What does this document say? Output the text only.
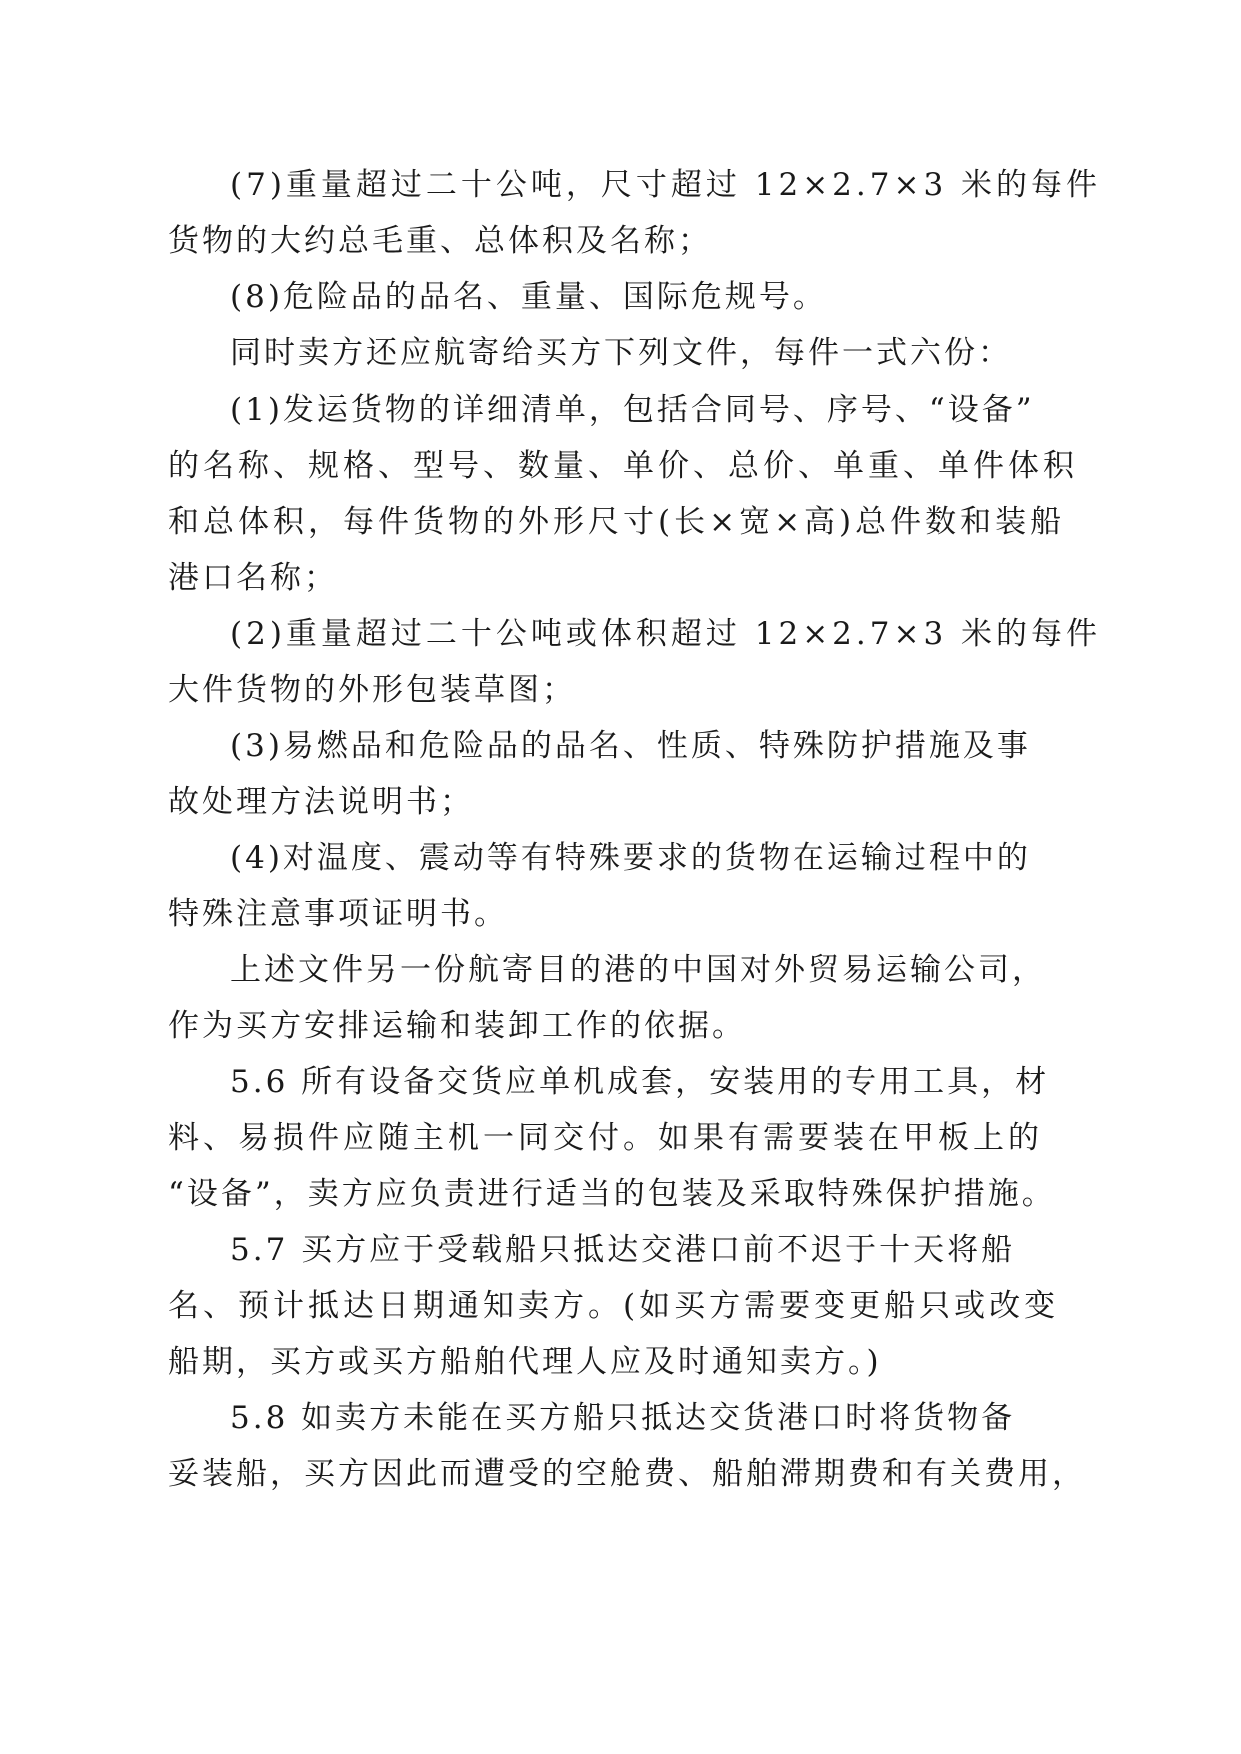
(7)重量超过二十公吨，尺寸超过 12×2.7×3 米的每件
货物的大约总毛重、总体积及名称；
(8)危险品的品名、重量、国际危规号。
同时卖方还应航寄给买方下列文件，每件一式六份：
(1)发运货物的详细清单，包括合同号、序号、“设备”
的名称、规格、型号、数量、单价、总价、单重、单件体积
和总体积，每件货物的外形尺寸(长×宽×高)总件数和装船
港口名称；
(2)重量超过二十公吨或体积超过 12×2.7×3 米的每件
大件货物的外形包装草图；
(3)易燃品和危险品的品名、性质、特殊防护措施及事
故处理方法说明书；
(4)对温度、震动等有特殊要求的货物在运输过程中的
特殊注意事项证明书。
上述文件另一份航寄目的港的中国对外贸易运输公司，
作为买方安排运输和装卸工作的依据。
5.6 所有设备交货应单机成套，安装用的专用工具，材
料、易损件应随主机一同交付。如果有需要装在甲板上的
“设备”，卖方应负责进行适当的包装及采取特殊保护措施。
5.7 买方应于受载船只抵达交港口前不迟于十天将船
名、预计抵达日期通知卖方。(如买方需要变更船只或改变
船期，买方或买方船舶代理人应及时通知卖方。)
5.8 如卖方未能在买方船只抵达交货港口时将货物备
妥装船，买方因此而遭受的空舱费、船舶滞期费和有关费用，
